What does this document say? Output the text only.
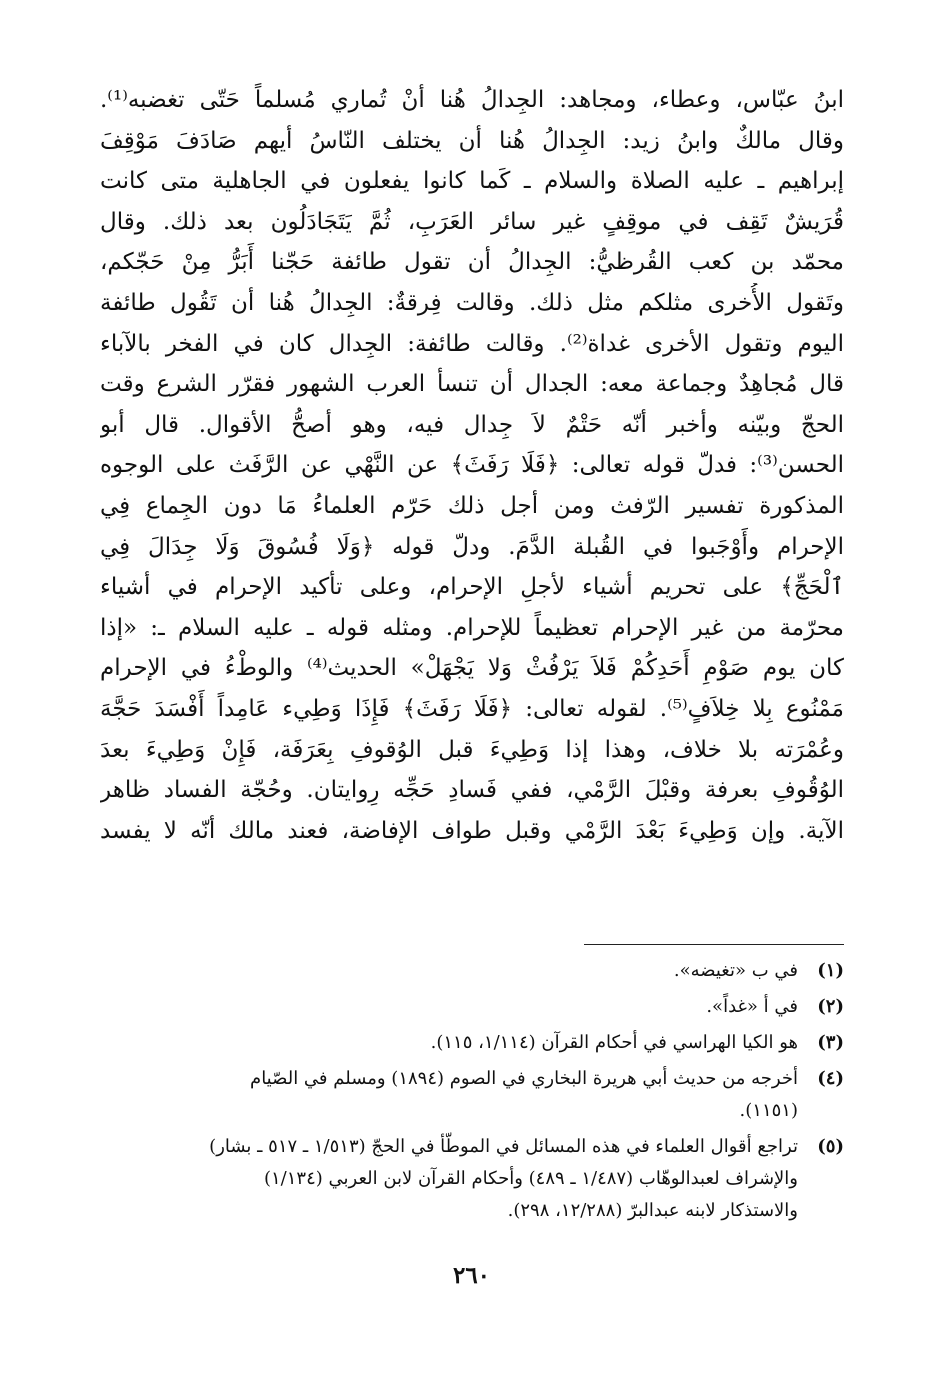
ابنُ عبّاس، وعطاء، ومجاهد: الجِدالُ هُنا أنْ تُماري مُسلماً حَتّى تغضبه⁽¹⁾.
وقال مالكٌ وابنُ زيد: الجِدالُ هُنا أن يختلف النّاسُ أيهم صَادَفَ مَوْقِفَ
إبراهيم ـ عليه الصلاة والسلام ـ كَما كانوا يفعلون في الجاهلية متى كانت
قُرَيشٌ تَقِف في موقِفٍ غير سائر العَرَبِ، ثُمَّ يَتَجَادَلُون بعد ذلك. وقال
محمّد بن كعب القُرظيُّ: الجِدالُ أن تقول طائفة حَجّنا أَبَرُّ مِنْ حَجّكم،
وتَقول الأُخرى مثلكم مثل ذلك. وقالت فِرقةٌ: الجِدالُ هُنا أن تَقُول طائفة
اليوم وتقول الأخرى غداة⁽²⁾. وقالت طائفة: الجِدال كان في الفخر بالآباء
قال مُجاهِدٌ وجماعة معه: الجدال أن تنسأ العرب الشهور فقرّر الشرع وقت
الحجّ وبيّنه وأخبر أنّه حَتْمٌ لاَ جِدال فيه، وهو أصحُّ الأقوال. قال أبو
الحسن⁽³⁾: فدلّ قوله تعالى: ﴿فَلَا رَفَثَ﴾ عن النَّهْي عن الرَّفَث على الوجوه
المذكورة تفسير الرّفث ومن أجل ذلك حَرّم العلماءُ مَا دون الجِماع فِي
الإحرام وأَوْجَبوا في القُبلة الدَّمَ. ودلّ قوله ﴿وَلَا فُسُوقَ وَلَا جِدَالَ فِي
ٱلْحَجِّ﴾ على تحريم أشياء لأجلِ الإحرام، وعلى تأكيد الإحرام في أشياء
محرّمة من غير الإحرام تعظيماً للإحرام. ومثله قوله ـ عليه السلام ـ: «إذا
كان يوم صَوْمِ أَحَدِكُمْ فَلاَ يَرْفُثْ وَلا يَجْهَلْ» الحديث⁽⁴⁾ والوطْءُ في الإحرام
مَمْنُوع بِلا خِلاَفٍ⁽⁵⁾. لقوله تعالى: ﴿فَلَا رَفَثَ﴾ فَإِذَا وَطِيء عَامِداً أَفْسَدَ حَجَّهَ
وعُمْرَته بلا خلاف، وهذا إذا وَطِيءَ قبل الوُقوفِ بِعَرَفَة، فَإِنْ وَطِيءَ بعدَ
الوُقُوفِ بعرفة وقبْلَ الرَّمْي، ففي فَسادِ حَجِّه رِوايتان. وحُجّة الفساد ظاهر
الآية. وإن وَطِيءَ بَعْدَ الرَّمْي وقبل طواف الإفاضة، فعند مالك أنّه لا يفسد
(١)في ب «تغيضه».
(٢)في أ «غداً».
(٣)هو الكيا الهراسي في أحكام القرآن (١/١١٤، ١١٥).
(٤)أخرجه من حديث أبي هريرة البخاري في الصوم (١٨٩٤) ومسلم في الصّيام
(١١٥١).
(٥)تراجع أقوال العلماء في هذه المسائل في الموطّأ في الحجّ (١/٥١٣ ـ ٥١٧ ـ بشار)
والإشراف لعبدالوهّاب (١/٤٨٧ ـ ٤٨٩) وأحكام القرآن لابن العربي (١/١٣٤)
والاستذكار لابنه عبدالبرّ (١٢/٢٨٨، ٢٩٨).
٢٦٠
